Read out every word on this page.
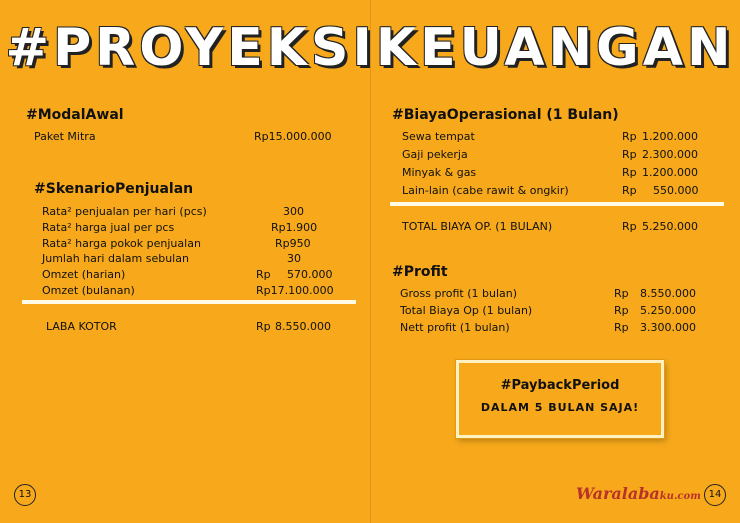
#PROYEKSIKEUANGAN
#ModalAwal
Paket Mitra	Rp15.000.000
#SkenarioPenjualan
Rata² penjualan per hari (pcs)	300
Rata² harga jual per pcs	Rp1.900
Rata² harga pokok penjualan	Rp950
Jumlah hari dalam sebulan	30
Omzet (harian)	Rp 570.000
Omzet (bulanan)	Rp17.100.000
LABA KOTOR	Rp 8.550.000
13
#BiayaOperasional (1 Bulan)
Sewa tempat	Rp 1.200.000
Gaji pekerja	Rp 2.300.000
Minyak & gas	Rp 1.200.000
Lain-lain (cabe rawit & ongkir)	Rp 550.000
TOTAL BIAYA OP. (1 BULAN)	Rp 5.250.000
#Profit
Gross profit (1 bulan)	Rp 8.550.000
Total Biaya Op (1 bulan)	Rp 5.250.000
Nett profit (1 bulan)	Rp 3.300.000
#PaybackPeriod
DALAM 5 BULAN SAJA!
Waralabaku.com 14
